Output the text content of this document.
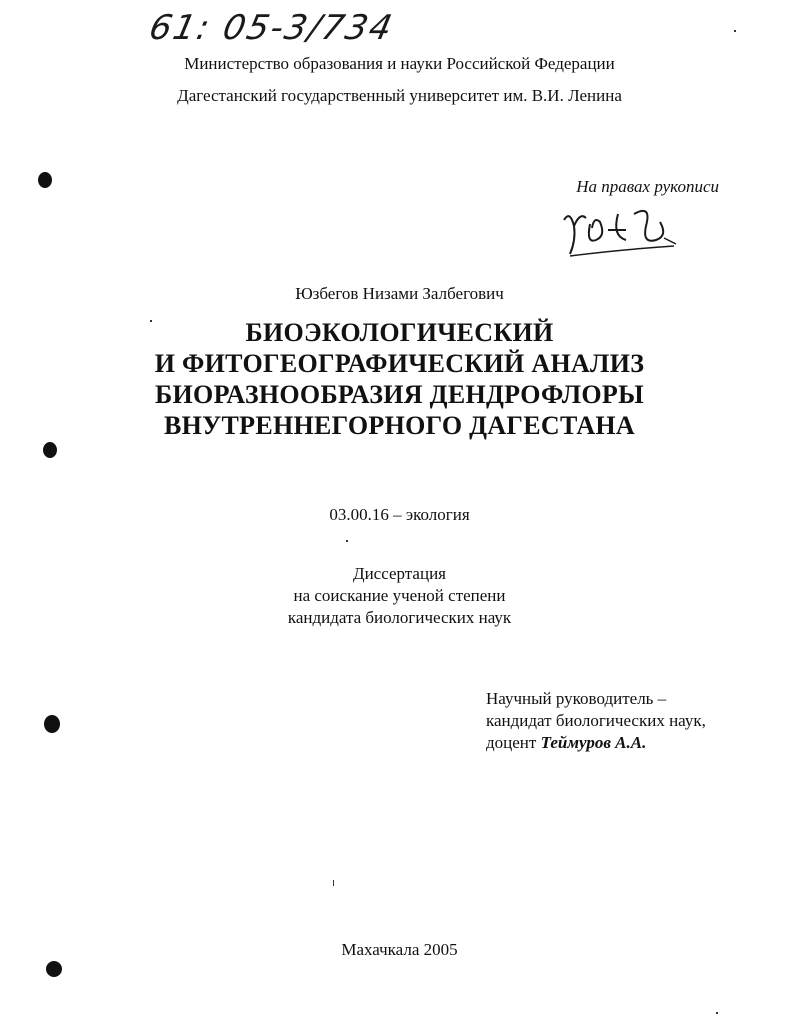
61: 05-3/734
Министерство образования и науки Российской Федерации
Дагестанский государственный университет им. В.И. Ленина
На правах рукописи
Юзбегов Низами Залбегович
БИОЭКОЛОГИЧЕСКИЙ
И ФИТОГЕОГРАФИЧЕСКИЙ АНАЛИЗ
БИОРАЗНООБРАЗИЯ ДЕНДРОФЛОРЫ
ВНУТРЕННЕГОРНОГО ДАГЕСТАНА
03.00.16 – экология
Диссертация
на соискание ученой степени
кандидата биологических наук
Научный руководитель –
кандидат биологических наук,
доцент Теймуров А.А.
Махачкала 2005
